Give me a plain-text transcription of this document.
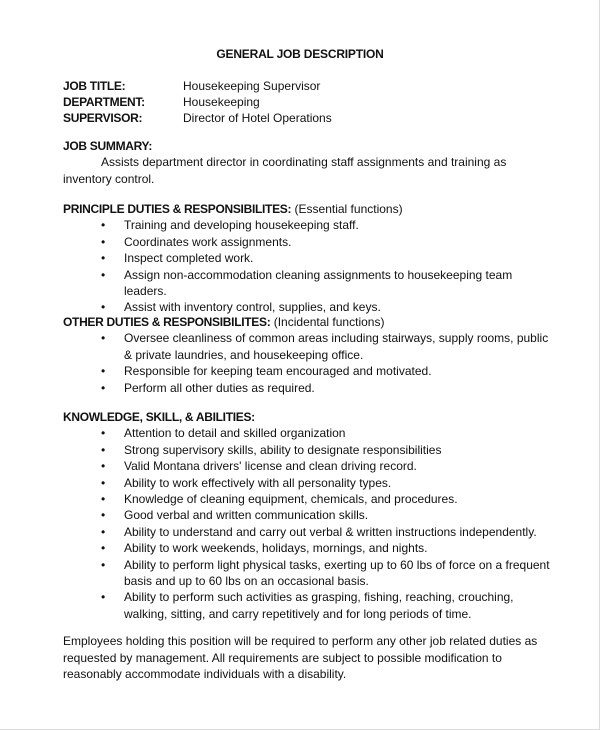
GENERAL JOB DESCRIPTION
JOB TITLE:	Housekeeping Supervisor
DEPARTMENT:	Housekeeping
SUPERVISOR:	Director of Hotel Operations
JOB SUMMARY:
Assists department director in coordinating staff assignments and training as inventory control.
PRINCIPLE DUTIES & RESPONSIBILITES: (Essential functions)
• Training and developing housekeeping staff.
• Coordinates work assignments.
• Inspect completed work.
• Assign non-accommodation cleaning assignments to housekeeping team leaders.
• Assist with inventory control, supplies, and keys.
OTHER DUTIES & RESPONSIBILITES: (Incidental functions)
• Oversee cleanliness of common areas including stairways, supply rooms, public & private laundries, and housekeeping office.
• Responsible for keeping team encouraged and motivated.
• Perform all other duties as required.
KNOWLEDGE, SKILL, & ABILITIES:
• Attention to detail and skilled organization
• Strong supervisory skills, ability to designate responsibilities
• Valid Montana drivers' license and clean driving record.
• Ability to work effectively with all personality types.
• Knowledge of cleaning equipment, chemicals, and procedures.
• Good verbal and written communication skills.
• Ability to understand and carry out verbal & written instructions independently.
• Ability to work weekends, holidays, mornings, and nights.
• Ability to perform light physical tasks, exerting up to 60 lbs of force on a frequent basis and up to 60 lbs on an occasional basis.
• Ability to perform such activities as grasping, fishing, reaching, crouching, walking, sitting, and carry repetitively and for long periods of time.
Employees holding this position will be required to perform any other job related duties as requested by management. All requirements are subject to possible modification to reasonably accommodate individuals with a disability.
